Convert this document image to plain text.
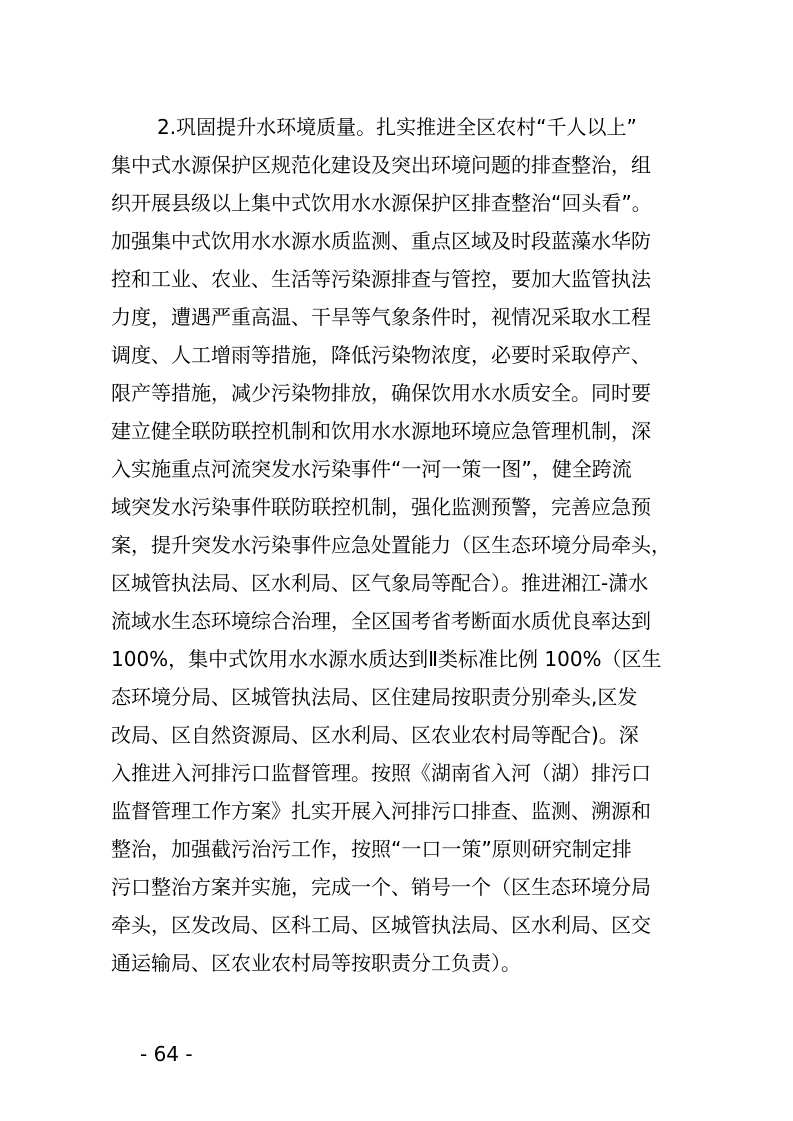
2.巩固提升水环境质量。扎实推进全区农村“千人以上”
集中式水源保护区规范化建设及突出环境问题的排查整治，组
织开展县级以上集中式饮用水水源保护区排查整治“回头看”。
加强集中式饮用水水源水质监测、重点区域及时段蓝藻水华防
控和工业、农业、生活等污染源排查与管控，要加大监管执法
力度，遭遇严重高温、干旱等气象条件时，视情况采取水工程
调度、人工增雨等措施，降低污染物浓度，必要时采取停产、
限产等措施，减少污染物排放，确保饮用水水质安全。同时要
建立健全联防联控机制和饮用水水源地环境应急管理机制，深
入实施重点河流突发水污染事件“一河一策一图”，健全跨流
域突发水污染事件联防联控机制，强化监测预警，完善应急预
案，提升突发水污染事件应急处置能力（区生态环境分局牵头，
区城管执法局、区水利局、区气象局等配合）。推进湘江-潇水
流域水生态环境综合治理，全区国考省考断面水质优良率达到
100%，集中式饮用水水源水质达到Ⅱ类标准比例 100%（区生
态环境分局、区城管执法局、区住建局按职责分别牵头,区发
改局、区自然资源局、区水利局、区农业农村局等配合)。深
入推进入河排污口监督管理。按照《湖南省入河（湖）排污口
监督管理工作方案》扎实开展入河排污口排查、监测、溯源和
整治，加强截污治污工作，按照“一口一策”原则研究制定排
污口整治方案并实施，完成一个、销号一个（区生态环境分局
牵头，区发改局、区科工局、区城管执法局、区水利局、区交
通运输局、区农业农村局等按职责分工负责）。
- 64 -
